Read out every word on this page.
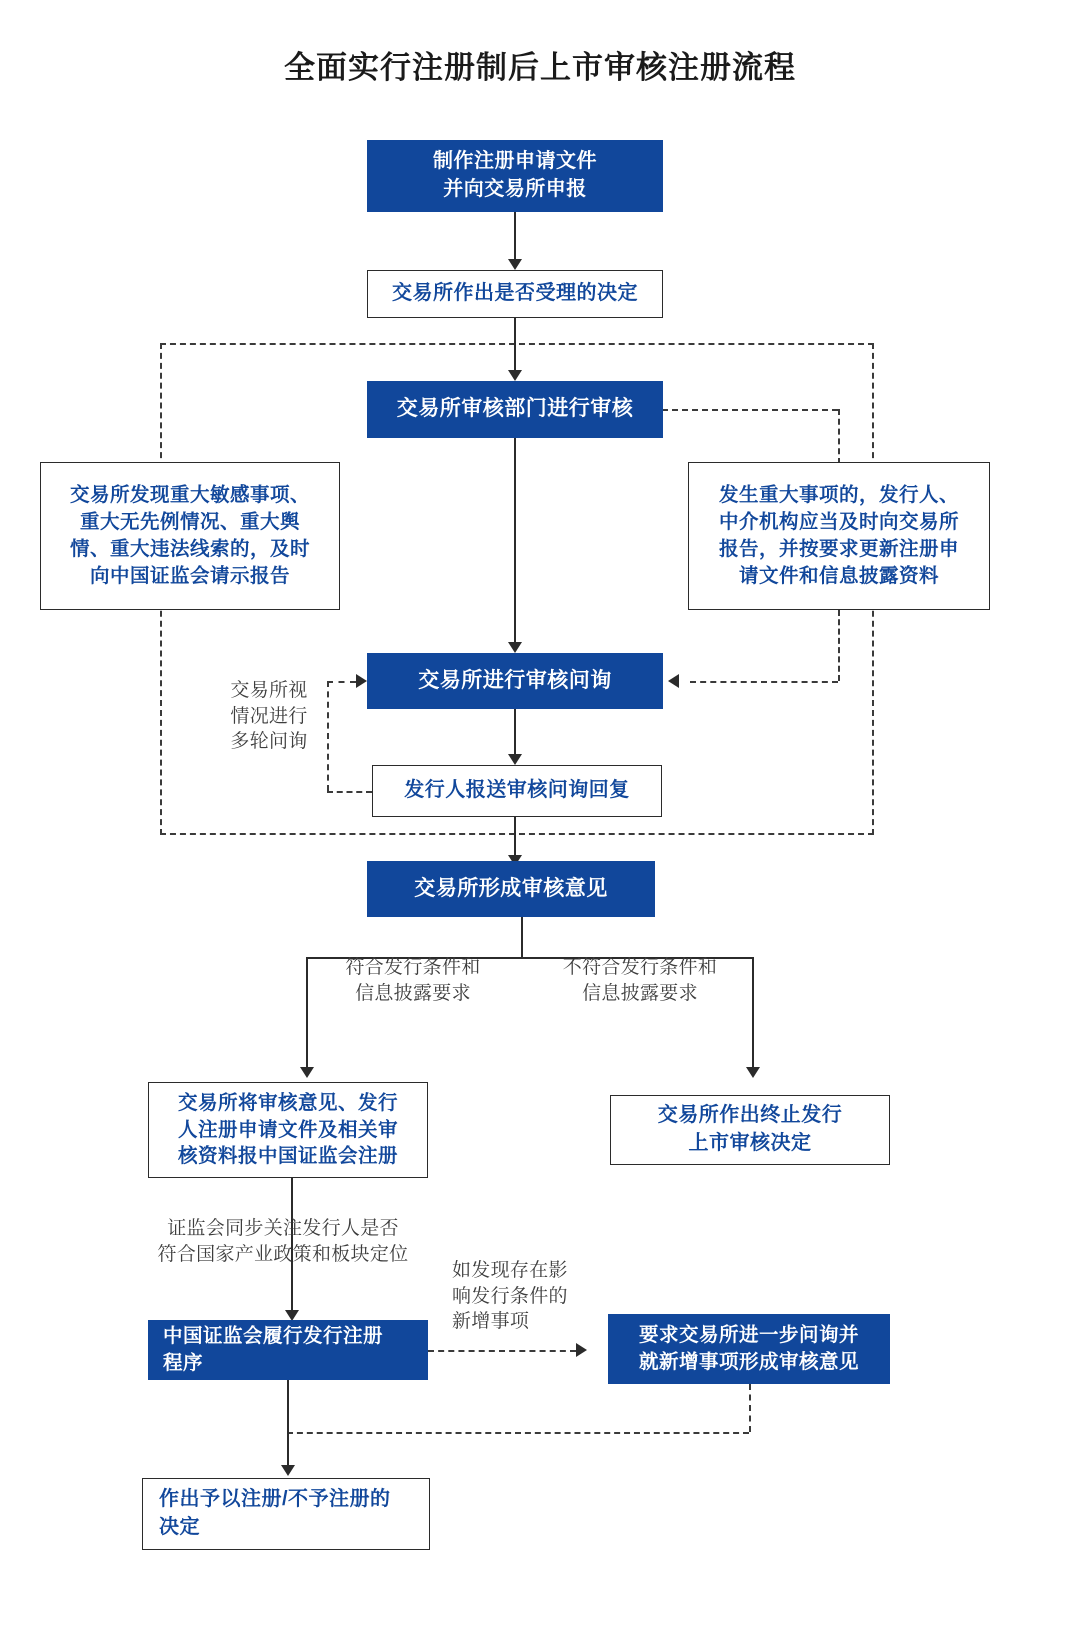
全面实行注册制后上市审核注册流程
交易所视
情况进行
多轮问询
制作注册申请文件
并向交易所申报
交易所作出是否受理的决定
交易所审核部门进行审核
交易所发现重大敏感事项、
重大无先例情况、重大舆
情、重大违法线索的，及时
向中国证监会请示报告
发生重大事项的，发行人、
中介机构应当及时向交易所
报告，并按要求更新注册申
请文件和信息披露资料
交易所进行审核问询
发行人报送审核问询回复
交易所形成审核意见
符合发行条件和
信息披露要求
不符合发行条件和
信息披露要求
交易所将审核意见、发行
人注册申请文件及相关审
核资料报中国证监会注册
交易所作出终止发行
上市审核决定
证监会同步关注发行人是否
符合国家产业政策和板块定位
中国证监会履行发行注册
程序
如发现存在影
响发行条件的
新增事项
要求交易所进一步问询并
就新增事项形成审核意见
作出予以注册/不予注册的
决定
